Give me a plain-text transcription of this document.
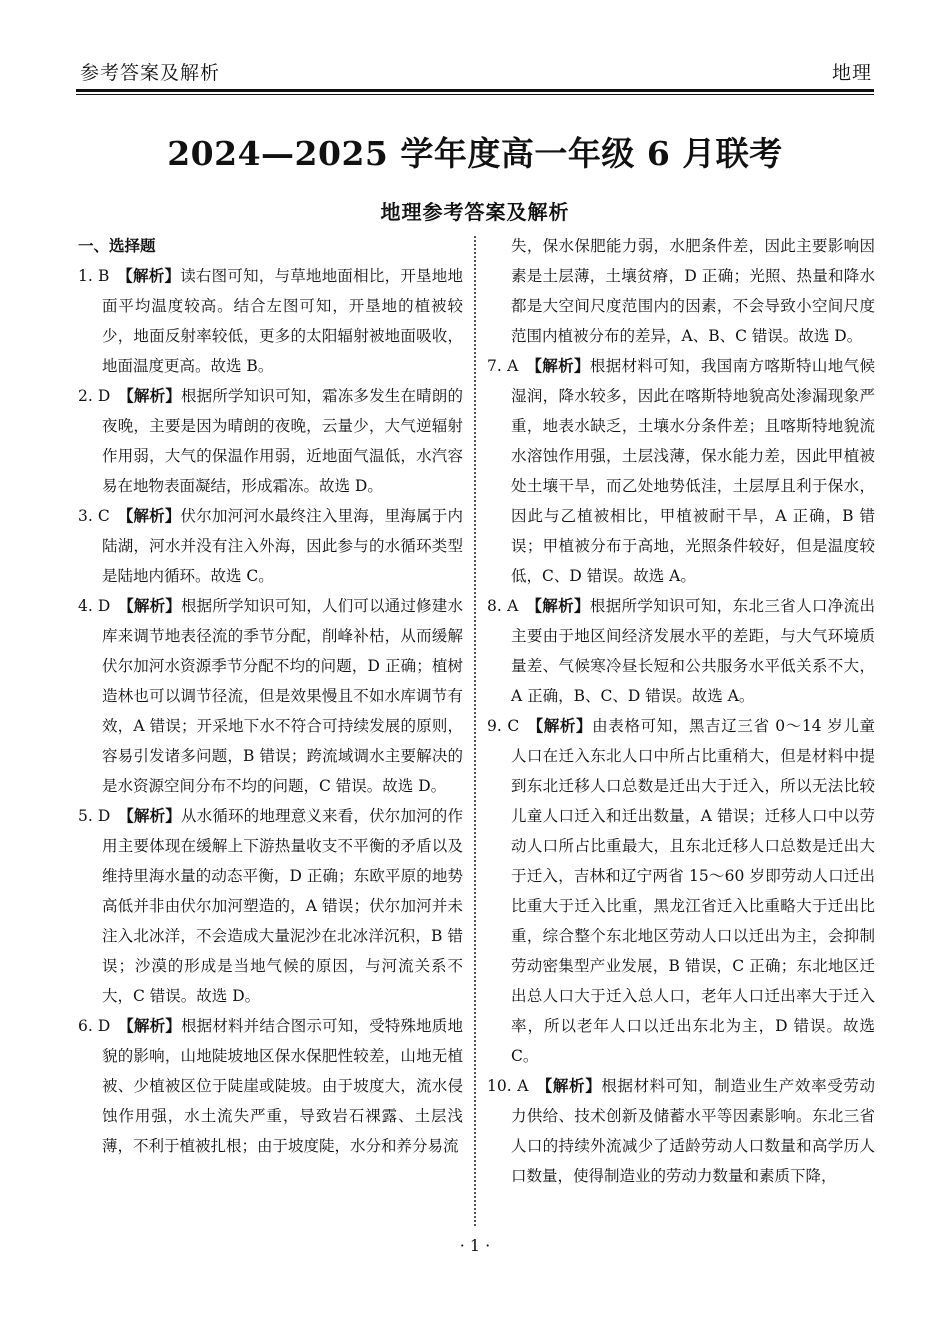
参考答案及解析	地理
2024—2025 学年度高一年级 6 月联考
地理参考答案及解析
一、选择题
1. B  【解析】读右图可知，与草地地面相比，开垦地地面平均温度较高。结合左图可知，开垦地的植被较少，地面反射率较低，更多的太阳辐射被地面吸收，地面温度更高。故选 B。
2. D  【解析】根据所学知识可知，霜冻多发生在晴朗的夜晚，主要是因为晴朗的夜晚，云量少，大气逆辐射作用弱，大气的保温作用弱，近地面气温低，水汽容易在地物表面凝结，形成霜冻。故选 D。
3. C  【解析】伏尔加河河水最终注入里海，里海属于内陆湖，河水并没有注入外海，因此参与的水循环类型是陆地内循环。故选 C。
4. D  【解析】根据所学知识可知，人们可以通过修建水库来调节地表径流的季节分配，削峰补枯，从而缓解伏尔加河水资源季节分配不均的问题，D 正确；植树造林也可以调节径流，但是效果慢且不如水库调节有效，A 错误；开采地下水不符合可持续发展的原则，容易引发诸多问题，B 错误；跨流域调水主要解决的是水资源空间分布不均的问题，C 错误。故选 D。
5. D  【解析】从水循环的地理意义来看，伏尔加河的作用主要体现在缓解上下游热量收支不平衡的矛盾以及维持里海水量的动态平衡，D 正确；东欧平原的地势高低并非由伏尔加河塑造的，A 错误；伏尔加河并未注入北冰洋，不会造成大量泥沙在北冰洋沉积，B 错误；沙漠的形成是当地气候的原因，与河流关系不大，C 错误。故选 D。
6. D  【解析】根据材料并结合图示可知，受特殊地质地貌的影响，山地陡坡地区保水保肥性较差，山地无植被、少植被区位于陡崖或陡坡。由于坡度大，流水侵蚀作用强，水土流失严重，导致岩石裸露、土层浅薄，不利于植被扎根；由于坡度陡，水分和养分易流
失，保水保肥能力弱，水肥条件差，因此主要影响因素是土层薄，土壤贫瘠，D 正确；光照、热量和降水都是大空间尺度范围内的因素，不会导致小空间尺度范围内植被分布的差异，A、B、C 错误。故选 D。
7. A  【解析】根据材料可知，我国南方喀斯特山地气候湿润，降水较多，因此在喀斯特地貌高处渗漏现象严重，地表水缺乏，土壤水分条件差；且喀斯特地貌流水溶蚀作用强，土层浅薄，保水能力差，因此甲植被处土壤干旱，而乙处地势低洼，土层厚且利于保水，因此与乙植被相比，甲植被耐干旱，A 正确，B 错误；甲植被分布于高地，光照条件较好，但是温度较低，C、D 错误。故选 A。
8. A  【解析】根据所学知识可知，东北三省人口净流出主要由于地区间经济发展水平的差距，与大气环境质量差、气候寒冷昼长短和公共服务水平低关系不大，A 正确，B、C、D 错误。故选 A。
9. C  【解析】由表格可知，黑吉辽三省 0～14 岁儿童人口在迁入东北人口中所占比重稍大，但是材料中提到东北迁移人口总数是迁出大于迁入，所以无法比较儿童人口迁入和迁出数量，A 错误；迁移人口中以劳动人口所占比重最大，且东北迁移人口总数是迁出大于迁入，吉林和辽宁两省 15～60 岁即劳动人口迁出比重大于迁入比重，黑龙江省迁入比重略大于迁出比重，综合整个东北地区劳动人口以迁出为主，会抑制劳动密集型产业发展，B 错误，C 正确；东北地区迁出总人口大于迁入总人口，老年人口迁出率大于迁入率，所以老年人口以迁出东北为主，D 错误。故选 C。
10. A  【解析】根据材料可知，制造业生产效率受劳动力供给、技术创新及储蓄水平等因素影响。东北三省人口的持续外流减少了适龄劳动人口数量和高学历人口数量，使得制造业的劳动力数量和素质下降，
· 1 ·
